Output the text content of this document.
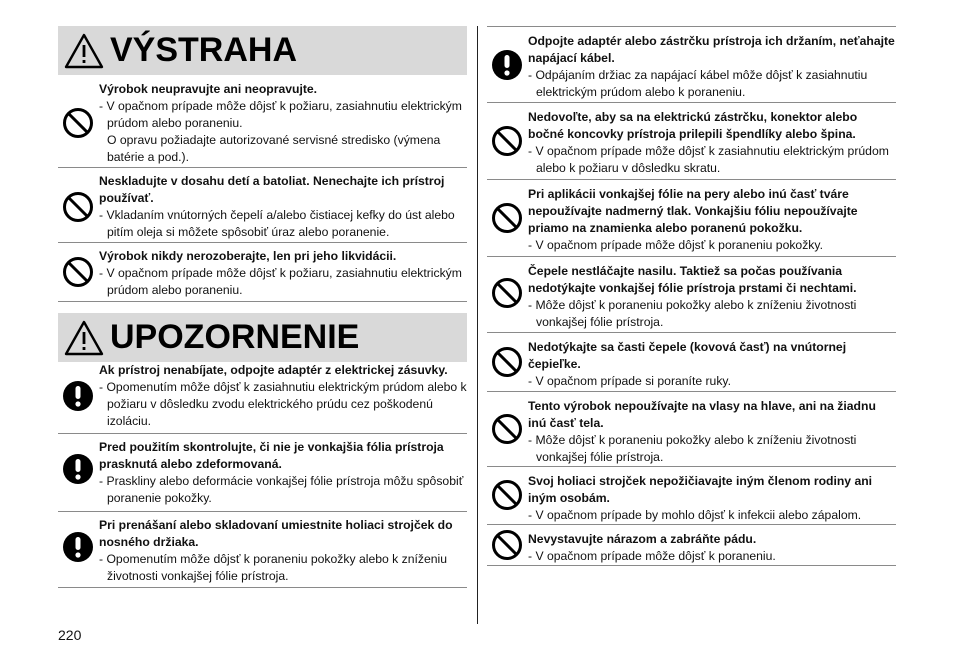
VÝSTRAHA
Výrobok neupravujte ani neopravujte.
- V opačnom prípade môže dôjsť k požiaru, zasiahnutiu elektrickým prúdom alebo poraneniu.
O opravu požiadajte autorizované servisné stredisko (výmena batérie a pod.).
Neskladujte v dosahu detí a batoliat. Nenechajte ich prístroj používať.
- Vkladaním vnútorných čepelí a/alebo čistiacej kefky do úst alebo pitím oleja si môžete spôsobiť úraz alebo poranenie.
Výrobok nikdy nerozoberajte, len pri jeho likvidácii.
- V opačnom prípade môže dôjsť k požiaru, zasiahnutiu elektrickým prúdom alebo poraneniu.
UPOZORNENIE
Ak prístroj nenabíjate, odpojte adaptér z elektrickej zásuvky.
- Opomenutím môže dôjsť k zasiahnutiu elektrickým prúdom alebo k požiaru v dôsledku zvodu elektrického prúdu cez poškodenú izoláciu.
Pred použitím skontrolujte, či nie je vonkajšia fólia prístroja prasknutá alebo zdeformovaná.
- Praskliny alebo deformácie vonkajšej fólie prístroja môžu spôsobiť poranenie pokožky.
Pri prenášaní alebo skladovaní umiestnite holiaci strojček do nosného držiaka.
- Opomenutím môže dôjsť k poraneniu pokožky alebo k zníženiu životnosti vonkajšej fólie prístroja.
Odpojte adaptér alebo zástrčku prístroja ich držaním, neťahajte napájací kábel.
- Odpájaním držiac za napájací kábel môže dôjsť k zasiahnutiu elektrickým prúdom alebo k poraneniu.
Nedovoľte, aby sa na elektrickú zástrčku, konektor alebo bočné koncovky prístroja prilepili špendlíky alebo špina.
- V opačnom prípade môže dôjsť k zasiahnutiu elektrickým prúdom alebo k požiaru v dôsledku skratu.
Pri aplikácii vonkajšej fólie na pery alebo inú časť tváre nepoužívajte nadmerný tlak. Vonkajšiu fóliu nepoužívajte priamo na znamienka alebo poranenú pokožku.
- V opačnom prípade môže dôjsť k poraneniu pokožky.
Čepele nestláčajte nasilu. Taktiež sa počas používania nedotýkajte vonkajšej fólie prístroja prstami či nechtami.
- Môže dôjsť k poraneniu pokožky alebo k zníženiu životnosti vonkajšej fólie prístroja.
Nedotýkajte sa časti čepele (kovová časť) na vnútornej čepieľke.
- V opačnom prípade si poraníte ruky.
Tento výrobok nepoužívajte na vlasy na hlave, ani na žiadnu inú časť tela.
- Môže dôjsť k poraneniu pokožky alebo k zníženiu životnosti vonkajšej fólie prístroja.
Svoj holiaci strojček nepožičiavajte iným členom rodiny ani iným osobám.
- V opačnom prípade by mohlo dôjsť k infekcii alebo zápalom.
Nevystavujte nárazom a zabráňte pádu.
- V opačnom prípade môže dôjsť k poraneniu.
220
